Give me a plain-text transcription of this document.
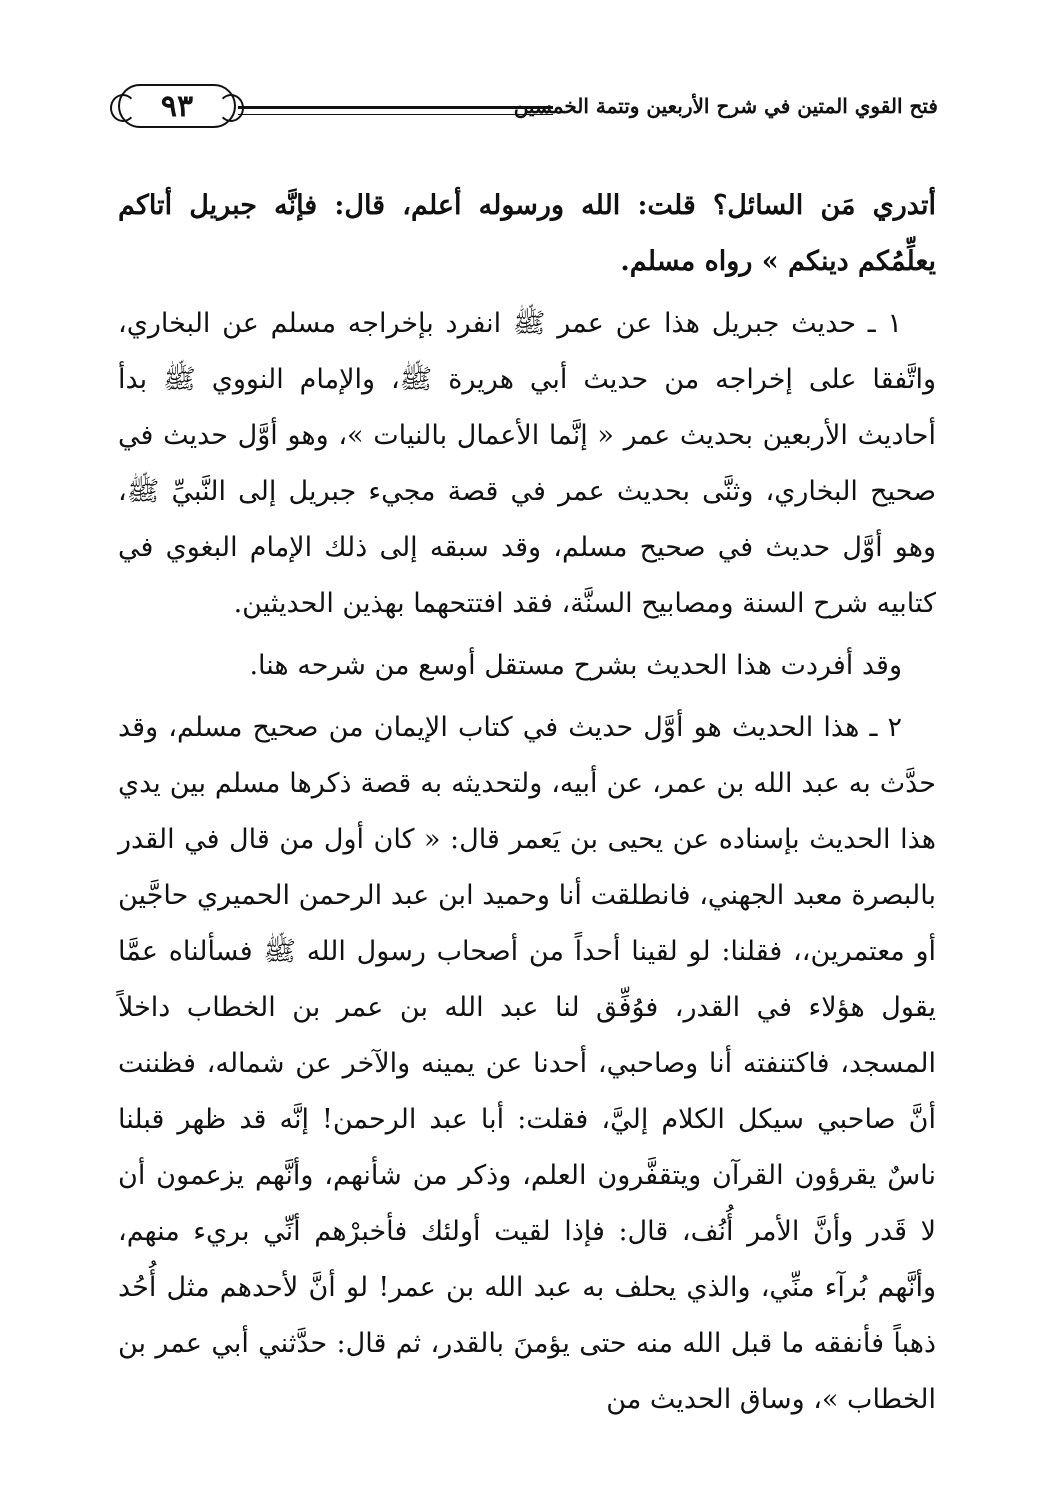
فتح القوي المتين في شرح الأربعين وتتمة الخمسين
٩٣

أتدري مَن السائل؟ قلت: الله ورسوله أعلم، قال: فإنَّه جبريل أتاكم يعلِّمُكم دينكم » رواه مسلم.

١ ـ حديث جبريل هذا عن عمر ﷺ انفرد بإخراجه مسلم عن البخاري، واتَّفقا على إخراجه من حديث أبي هريرة ﷺ، والإمام النووي ﷺ بدأ أحاديث الأربعين بحديث عمر « إنَّما الأعمال بالنيات »، وهو أوَّل حديث في صحيح البخاري، وثنَّى بحديث عمر في قصة مجيء جبريل إلى النَّبيِّ ﷺ، وهو أوَّل حديث في صحيح مسلم، وقد سبقه إلى ذلك الإمام البغوي في كتابيه شرح السنة ومصابيح السنَّة، فقد افتتحهما بهذين الحديثين.

وقد أفردت هذا الحديث بشرح مستقل أوسع من شرحه هنا.

٢ ـ هذا الحديث هو أوَّل حديث في كتاب الإيمان من صحيح مسلم، وقد حدَّث به عبد الله بن عمر، عن أبيه، ولتحديثه به قصة ذكرها مسلم بين يدي هذا الحديث بإسناده عن يحيى بن يَعمر قال: « كان أول من قال في القدر بالبصرة معبد الجهني، فانطلقت أنا وحميد ابن عبد الرحمن الحميري حاجَّين أو معتمرين،، فقلنا: لو لقينا أحداً من أصحاب رسول الله ﷺ فسألناه عمَّا يقول هؤلاء في القدر، فوُفِّق لنا عبد الله بن عمر بن الخطاب داخلاً المسجد، فاكتنفته أنا وصاحبي، أحدنا عن يمينه والآخر عن شماله، فظننت أنَّ صاحبي سيكل الكلام إليَّ، فقلت: أبا عبد الرحمن! إنَّه قد ظهر قبلنا ناسٌ يقرؤون القرآن ويتقفَّرون العلم، وذكر من شأنهم، وأنَّهم يزعمون أن لا قَدر وأنَّ الأمر أُنُف، قال: فإذا لقيت أولئك فأخبرْهم أنِّي بريء منهم، وأنَّهم بُرآء منِّي، والذي يحلف به عبد الله بن عمر! لو أنَّ لأحدهم مثل أُحُد ذهباً فأنفقه ما قبل الله منه حتى يؤمنَ بالقدر، ثم قال: حدَّثني أبي عمر بن الخطاب »، وساق الحديث من
